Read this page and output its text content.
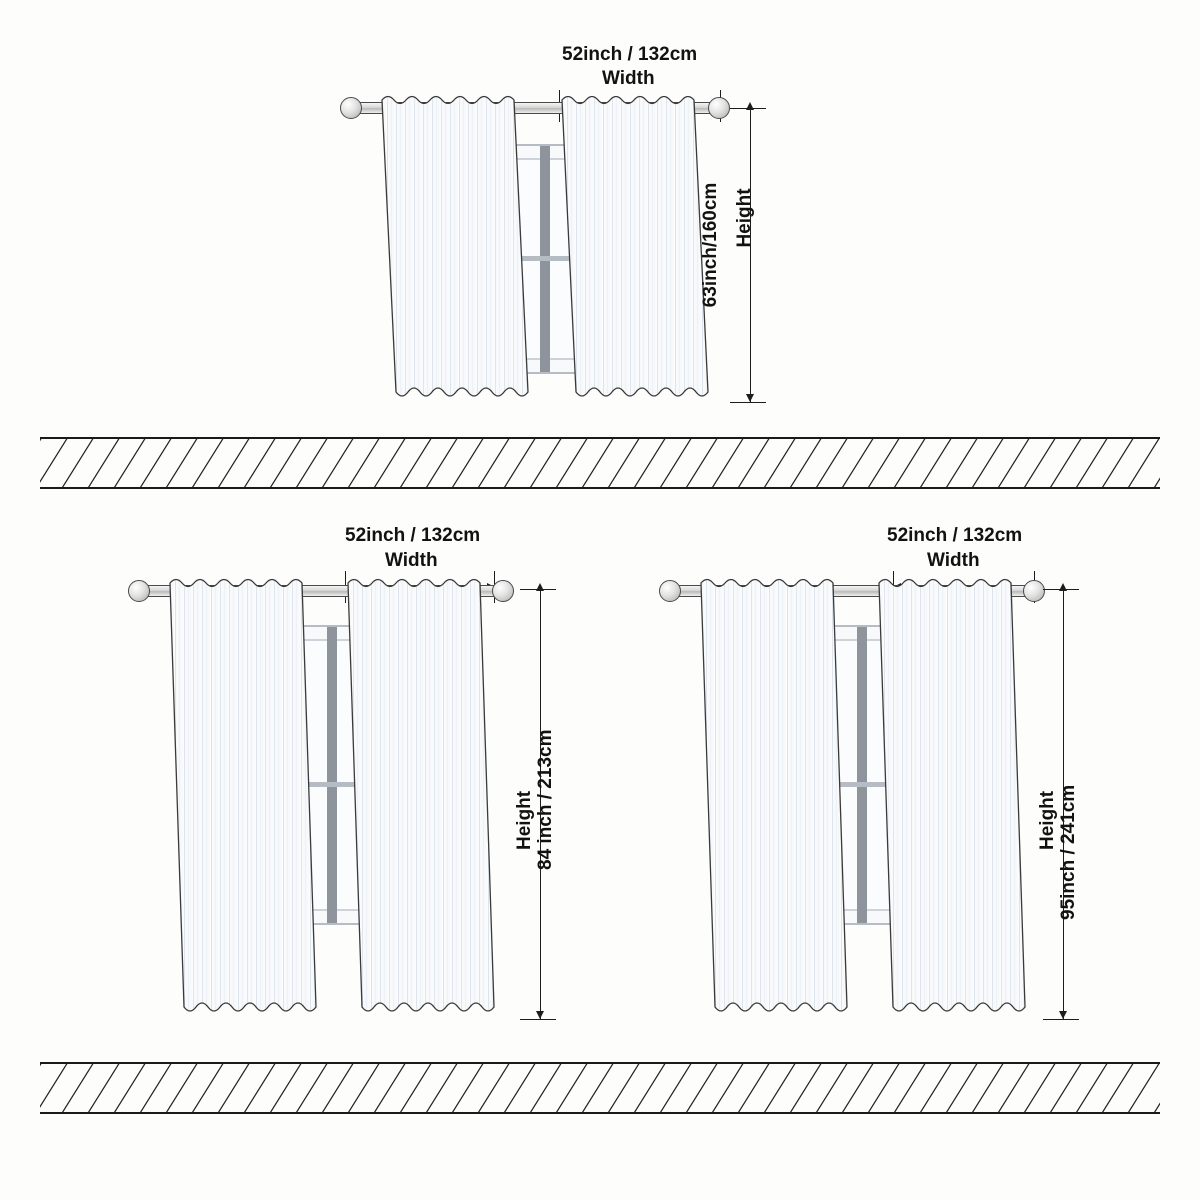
52inch / 132cm
Width
63inch/160cm Height
52inch / 132cm
Width
84 inch / 213cm
Height
52inch / 132cm
Width
95inch / 241cm
Height
